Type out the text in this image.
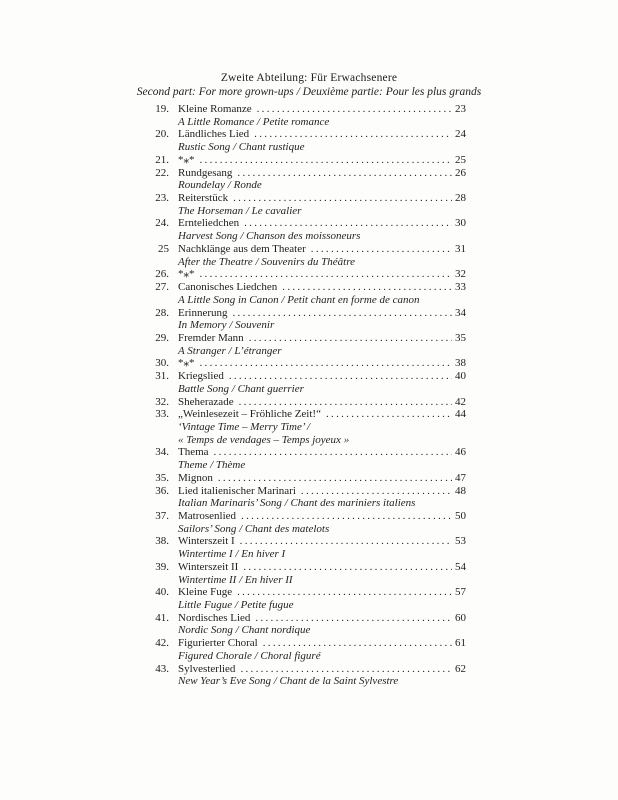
Zweite Abteilung: Für Erwachsenere
Second part: For more grown-ups / Deuxième partie: Pour les plus grands
19. Kleine Romanze .....	23
A Little Romance / Petite romance
20. Ländliches Lied .....	24
Rustic Song / Chant rustique
21. *⁎* .....	25
22. Rundgesang .....	26
Roundelay / Ronde
23. Reiterstück .....	28
The Horseman / Le cavalier
24. Ernteliedchen .....	30
Harvest Song / Chanson des moissoneurs
25 Nachklänge aus dem Theater .....	31
After the Theatre / Souvenirs du Théâtre
26. *⁎* .....	32
27. Canonisches Liedchen .....	33
A Little Song in Canon / Petit chant en forme de canon
28. Erinnerung .....	34
In Memory / Souvenir
29. Fremder Mann .....	35
A Stranger / L’étranger
30. *⁎* .....	38
31. Kriegslied .....	40
Battle Song / Chant guerrier
32. Sheherazade .....	42
33. „Weinlesezeit – Fröhliche Zeit!“ .....	44
‘Vintage Time – Merry Time’ /
« Temps de vendages – Temps joyeux »
34. Thema .....	46
Theme / Thème
35. Mignon .....	47
36. Lied italienischer Marinari .....	48
Italian Marinaris’ Song / Chant des mariniers italiens
37. Matrosenlied .....	50
Sailors’ Song / Chant des matelots
38. Winterszeit I .....	53
Wintertime I / En hiver I
39. Winterszeit II .....	54
Wintertime II / En hiver II
40. Kleine Fuge .....	57
Little Fugue / Petite fugue
41. Nordisches Lied .....	60
Nordic Song / Chant nordique
42. Figurierter Choral .....	61
Figured Chorale / Choral figuré
43. Sylvesterlied .....	62
New Year’s Eve Song / Chant de la Saint Sylvestre
